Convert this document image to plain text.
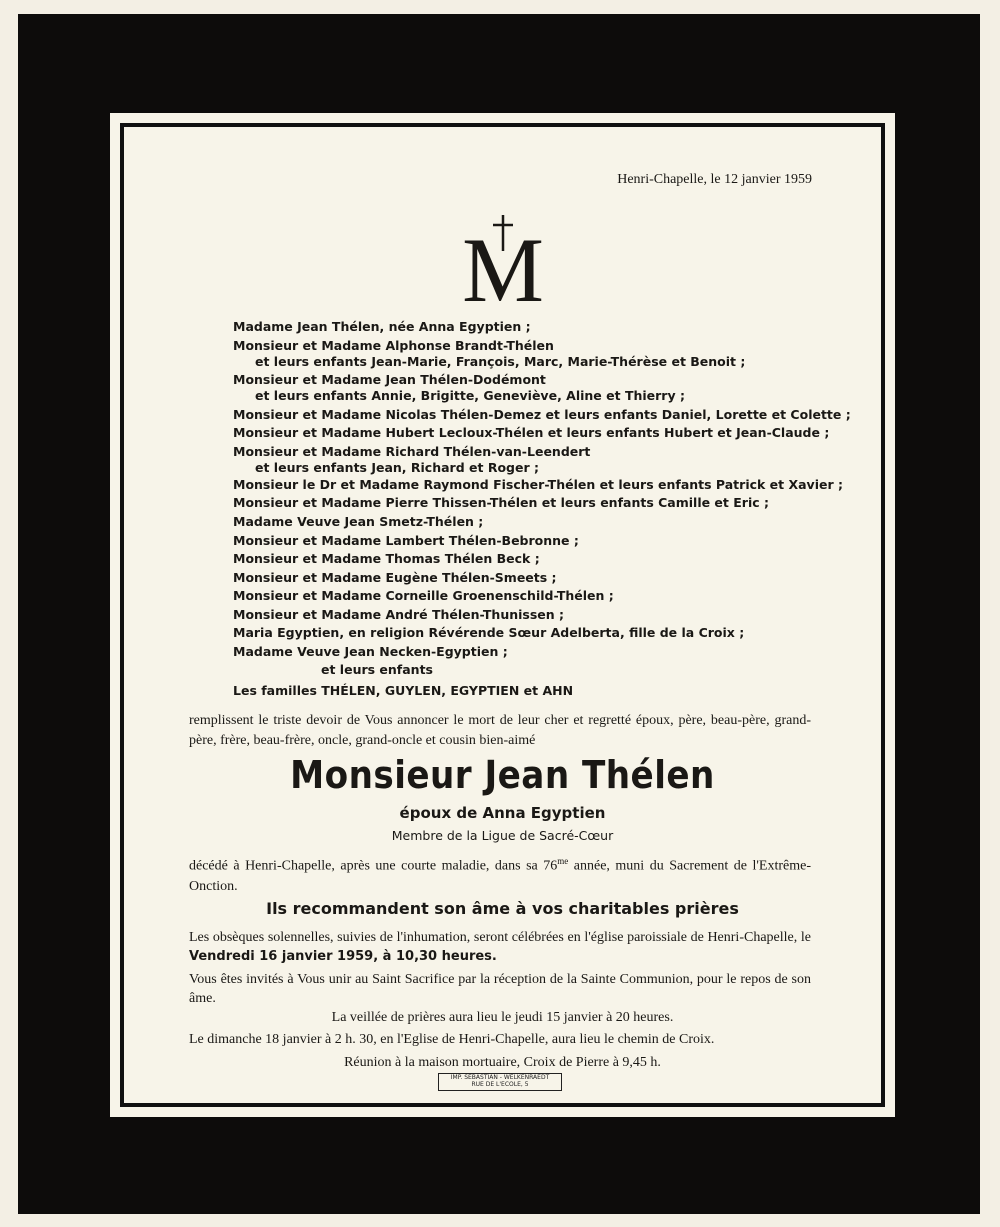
Henri-Chapelle, le 12 janvier 1959
M
Madame Jean Thélen, née Anna Egyptien ;
Monsieur et Madame Alphonse Brandt-Thélen
et leurs enfants Jean-Marie, François, Marc, Marie-Thérèse et Benoit ;
Monsieur et Madame Jean Thélen-Dodémont
et leurs enfants Annie, Brigitte, Geneviève, Aline et Thierry ;
Monsieur et Madame Nicolas Thélen-Demez et leurs enfants Daniel, Lorette et Colette ;
Monsieur et Madame Hubert Lecloux-Thélen et leurs enfants Hubert et Jean-Claude ;
Monsieur et Madame Richard Thélen-van-Leendert
et leurs enfants Jean, Richard et Roger ;
Monsieur le Dr et Madame Raymond Fischer-Thélen et leurs enfants Patrick et Xavier ;
Monsieur et Madame Pierre Thissen-Thélen et leurs enfants Camille et Eric ;
Madame Veuve Jean Smetz-Thélen ;
Monsieur et Madame Lambert Thélen-Bebronne ;
Monsieur et Madame Thomas Thélen Beck ;
Monsieur et Madame Eugène Thélen-Smeets ;
Monsieur et Madame Corneille Groenenschild-Thélen ;
Monsieur et Madame André Thélen-Thunissen ;
Maria Egyptien, en religion Révérende Sœur Adelberta, fille de la Croix ;
Madame Veuve Jean Necken-Egyptien ;
et leurs enfants
Les familles THÉLEN, GUYLEN, EGYPTIEN et AHN
remplissent le triste devoir de Vous annoncer le mort de leur cher et regretté époux, père, beau-père, grand-père, frère, beau-frère, oncle, grand-oncle et cousin bien-aimé
Monsieur Jean Thélen
époux de Anna Egyptien
Membre de la Ligue de Sacré-Cœur
décédé à Henri-Chapelle, après une courte maladie, dans sa $76^{me}$ année, muni du Sacrement de l'Extrême-Onction.
Ils recommandent son âme à vos charitables prières
Les obsèques solennelles, suivies de l'inhumation, seront célébrées en l'église paroissiale de Henri-Chapelle, le Vendredi 16 janvier 1959, à 10,30 heures.
Vous êtes invités à Vous unir au Saint Sacrifice par la réception de la Sainte Communion, pour le repos de son âme.
La veillée de prières aura lieu le jeudi 15 janvier à 20 heures.
Le dimanche 18 janvier à 2 h. 30, en l'Eglise de Henri-Chapelle, aura lieu le chemin de Croix.
Réunion à la maison mortuaire, Croix de Pierre à 9,45 h.
IMP. SEBASTIAN - WELKENRAEDT
RUE DE L'ECOLE, 5
